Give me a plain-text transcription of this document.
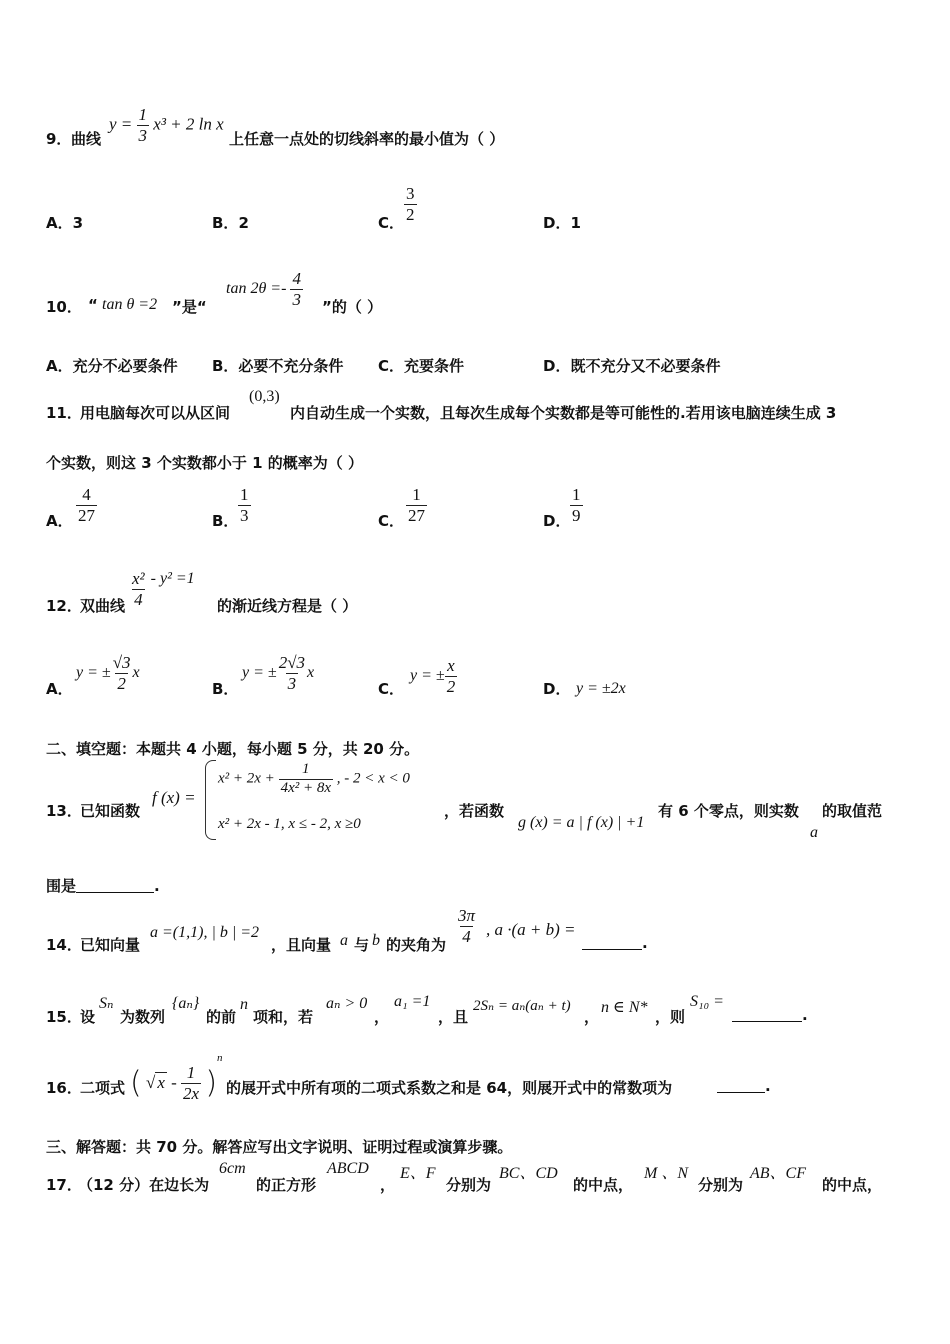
9． 曲线
$y = \frac{1}{3} x^3 + 2$ ln x
上任意一点处的切线斜率的最小值为（ ）
A．3	B．2	C． $\frac{3}{2}$	D．1
10． “ tan θ =2 ”是“
$\tan 2\theta =- \frac{4}{3}$ ”的（ ）
A．充分不必要条件 B．必要不充分条件 C．充要条件	D．既不充分又不必要条件
11．
用电脑每次可以从区间
(0,3)
内自动生成一个实数，且每次生成每个实数都是等可能性的.若用该电脑连续生成 3
个实数，则这 3 个实数都小于 1 的概率为（ ）
A． $\frac{4}{27}$	B． $\frac{1}{3}$	C． $\frac{1}{27}$	D． $\frac{1}{9}$
12．
双曲线 $\frac{\text{x²}}{4} - y^2 =1$
的渐近线方程是（ ）
A．
y = ± $\frac{√3}{2}$ x
B．
y = ± $\frac{2√3}{3}$ x
C．
y = ± $\frac{x}{2}$	D． y = ±2x
二、填空题：本题共 4 小题，每小题 5 分，共 20 分。
13．
已知函数
f (x) =
$x^2 + 2x + \frac{1}{\text{4x² + 8x}}$ , - 2 < x < 0
x² + 2x - 1, x ≤ - 2, x ≥0
，若函数
g (x) = a | f (x) | +1
有 6 个零点，则实数
a
的取值范
围是	.
14．
已知向量
a =(1,1), | b | =2
，且向量 a 与 b 的夹角为 $\frac{3\pi}{4}$ , a ·(a + b) =
.
15．
设
Sₙ
为数列
{aₙ}
的前
n
项和，若
aₙ > 0
，
a₁ =1
，且
2Sₙ = aₙ(aₙ + t)
，
n ∈ N*
，则
S₁₀ =
.
16．
二项式 ( √ x - $\frac{1}{2x} )^n$
的展开式中所有项的二项式系数之和是 64，则展开式中的常数项为	.
三、解答题：共 70 分。解答应写出文字说明、证明过程或演算步骤。
17．
（12 分）在边长为
6cm
的正方形
ABCD
，
E、F
分别为
BC、CD
的中点，
M 、N
分别为
AB、CF
的中点，
